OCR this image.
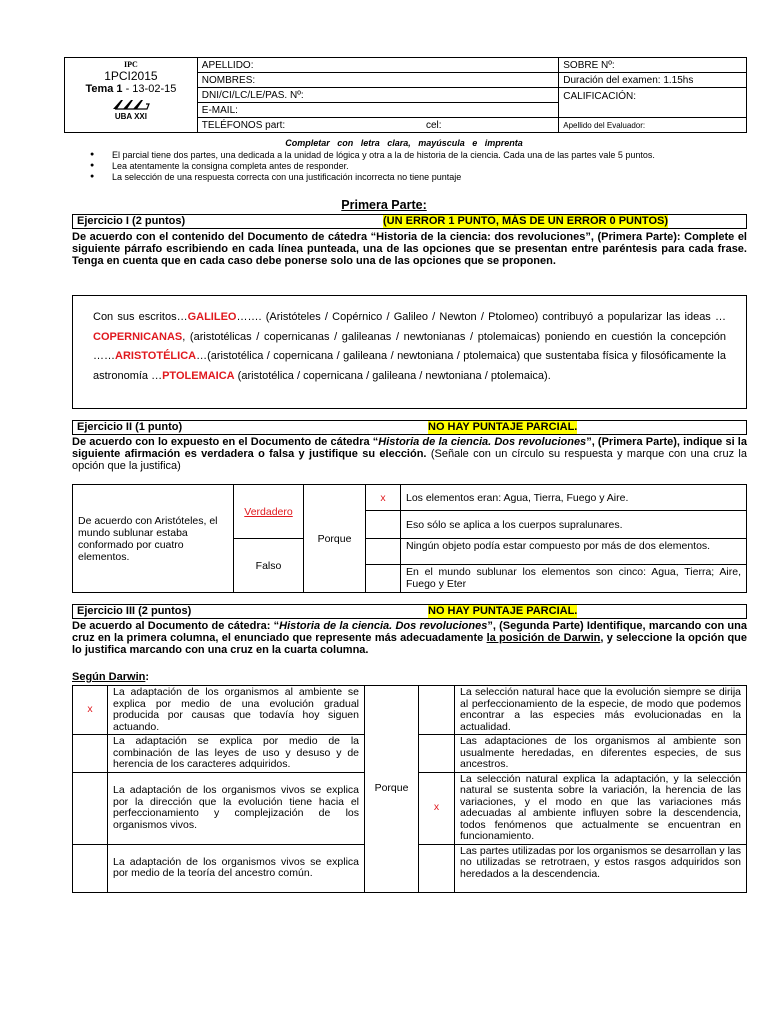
IPC
1PCI2015
Tema 1 - 13-02-15
UBA XXI	APELLIDO:	SOBRE Nº:
	NOMBRES:	Duración del examen: 1.15hs
	DNI/CI/LC/LE/PAS. Nº:	CALIFICACIÓN:
	E-MAIL:	
	TELÉFONOS part: cel:	Apellido del Evaluador:
Completar con letra clara, mayúscula e imprenta
● El parcial tiene dos partes, una dedicada a la unidad de lógica y otra a la de historia de la ciencia. Cada una de las partes vale 5 puntos.
● Lea atentamente la consigna completa antes de responder.
● La selección de una respuesta correcta con una justificación incorrecta no tiene puntaje
Primera Parte:
Ejercicio I (2 puntos)	(UN ERROR 1 PUNTO, MÁS DE UN ERROR 0 PUNTOS)
De acuerdo con el contenido del Documento de cátedra “Historia de la ciencia: dos revoluciones”, (Primera Parte): Complete el siguiente párrafo escribiendo en cada línea punteada, una de las opciones que se presentan entre paréntesis para cada frase. Tenga en cuenta que en cada caso debe ponerse solo una de las opciones que se proponen.
Con sus escritos…GALILEO……. (Aristóteles / Copérnico / Galileo / Newton / Ptolomeo) contribuyó a popularizar las ideas …COPERNICANAS, (aristotélicas / copernicanas / galileanas / newtonianas / ptolemaicas) poniendo en cuestión la concepción ……ARISTOTÉLICA…(aristotélica / copernicana / galileana / newtoniana / ptolemaica) que sustentaba física y filosóficamente la astronomía …PTOLEMAICA (aristotélica / copernicana / galileana / newtoniana / ptolemaica).
Ejercicio II (1 punto)	NO HAY PUNTAJE PARCIAL.
De acuerdo con lo expuesto en el Documento de cátedra “Historia de la ciencia. Dos revoluciones”, (Primera Parte), indique si la siguiente afirmación es verdadera o falsa y justifique su elección. (Señale con un círculo su respuesta y marque con una cruz la opción que la justifica)
De acuerdo con Aristóteles, el mundo sublunar estaba conformado por cuatro elementos.	Verdadero	Porque	x	Los elementos eran: Agua, Tierra, Fuego y Aire.
				Eso sólo se aplica a los cuerpos supralunares.
	Falso			Ningún objeto podía estar compuesto por más de dos elementos.
				En el mundo sublunar los elementos son cinco: Agua, Tierra; Aire, Fuego y Eter
Ejercicio III (2 puntos)	NO HAY PUNTAJE PARCIAL.
De acuerdo al Documento de cátedra: “Historia de la ciencia. Dos revoluciones”, (Segunda Parte) Identifique, marcando con una cruz en la primera columna, el enunciado que represente más adecuadamente la posición de Darwin, y seleccione la opción que lo justifica marcando con una cruz en la cuarta columna.
Según Darwin:
x	La adaptación de los organismos al ambiente se explica por medio de una evolución gradual producida por causas que todavía hoy siguen actuando.	Porque		La selección natural hace que la evolución siempre se dirija al perfeccionamiento de la especie, de modo que podemos encontrar a las especies más evolucionadas en la actualidad.
	La adaptación se explica por medio de la combinación de las leyes de uso y desuso y de herencia de los caracteres adquiridos.			Las adaptaciones de los organismos al ambiente son usualmente heredadas, en diferentes especies, de sus ancestros.
	La adaptación de los organismos vivos se explica por la dirección que la evolución tiene hacia el perfeccionamiento y complejización de los organismos vivos.		x	La selección natural explica la adaptación, y la selección natural se sustenta sobre la variación, la herencia de las variaciones, y el modo en que las variaciones más adecuadas al ambiente influyen sobre la descendencia, todos fenómenos que actualmente se encuentran en funcionamiento.
	La adaptación de los organismos vivos se explica por medio de la teoría del ancestro común.			Las partes utilizadas por los organismos se desarrollan y las no utilizadas se retrotraen, y estos rasgos adquiridos son heredados a la descendencia.
